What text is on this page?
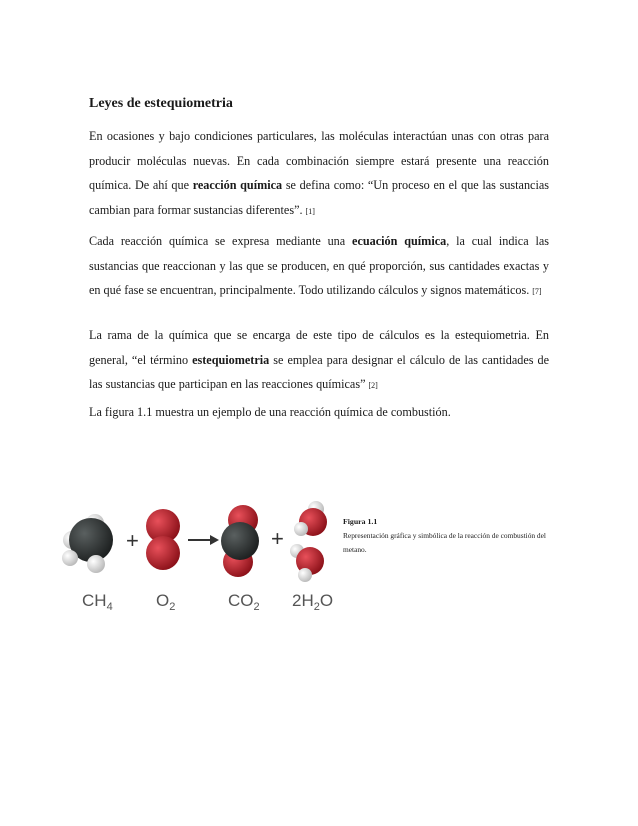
Leyes de estequiometria

En ocasiones y bajo condiciones particulares, las moléculas interactúan unas con otras para producir moléculas nuevas. En cada combinación siempre estará presente una reacción química. De ahí que reacción química se defina como: “Un proceso en el que las sustancias cambian para formar sustancias diferentes”. [1]

Cada reacción química se expresa mediante una ecuación química, la cual indica las sustancias que reaccionan y las que se producen, en qué proporción, sus cantidades exactas y en qué fase se encuentran, principalmente. Todo utilizando cálculos y signos matemáticos. [7]

La rama de la química que se encarga de este tipo de cálculos es la estequiometria. En general, “el término estequiometria se emplea para designar el cálculo de las cantidades de las sustancias que participan en las reacciones químicas” [2]

La figura 1.1 muestra un ejemplo de una reacción química de combustión.

+	+
$CH_4$	$O_2$	$CO_2$ $2H_2O$
Figura 1.1
Representación gráfica y simbólica de la reacción de combustión del metano.
